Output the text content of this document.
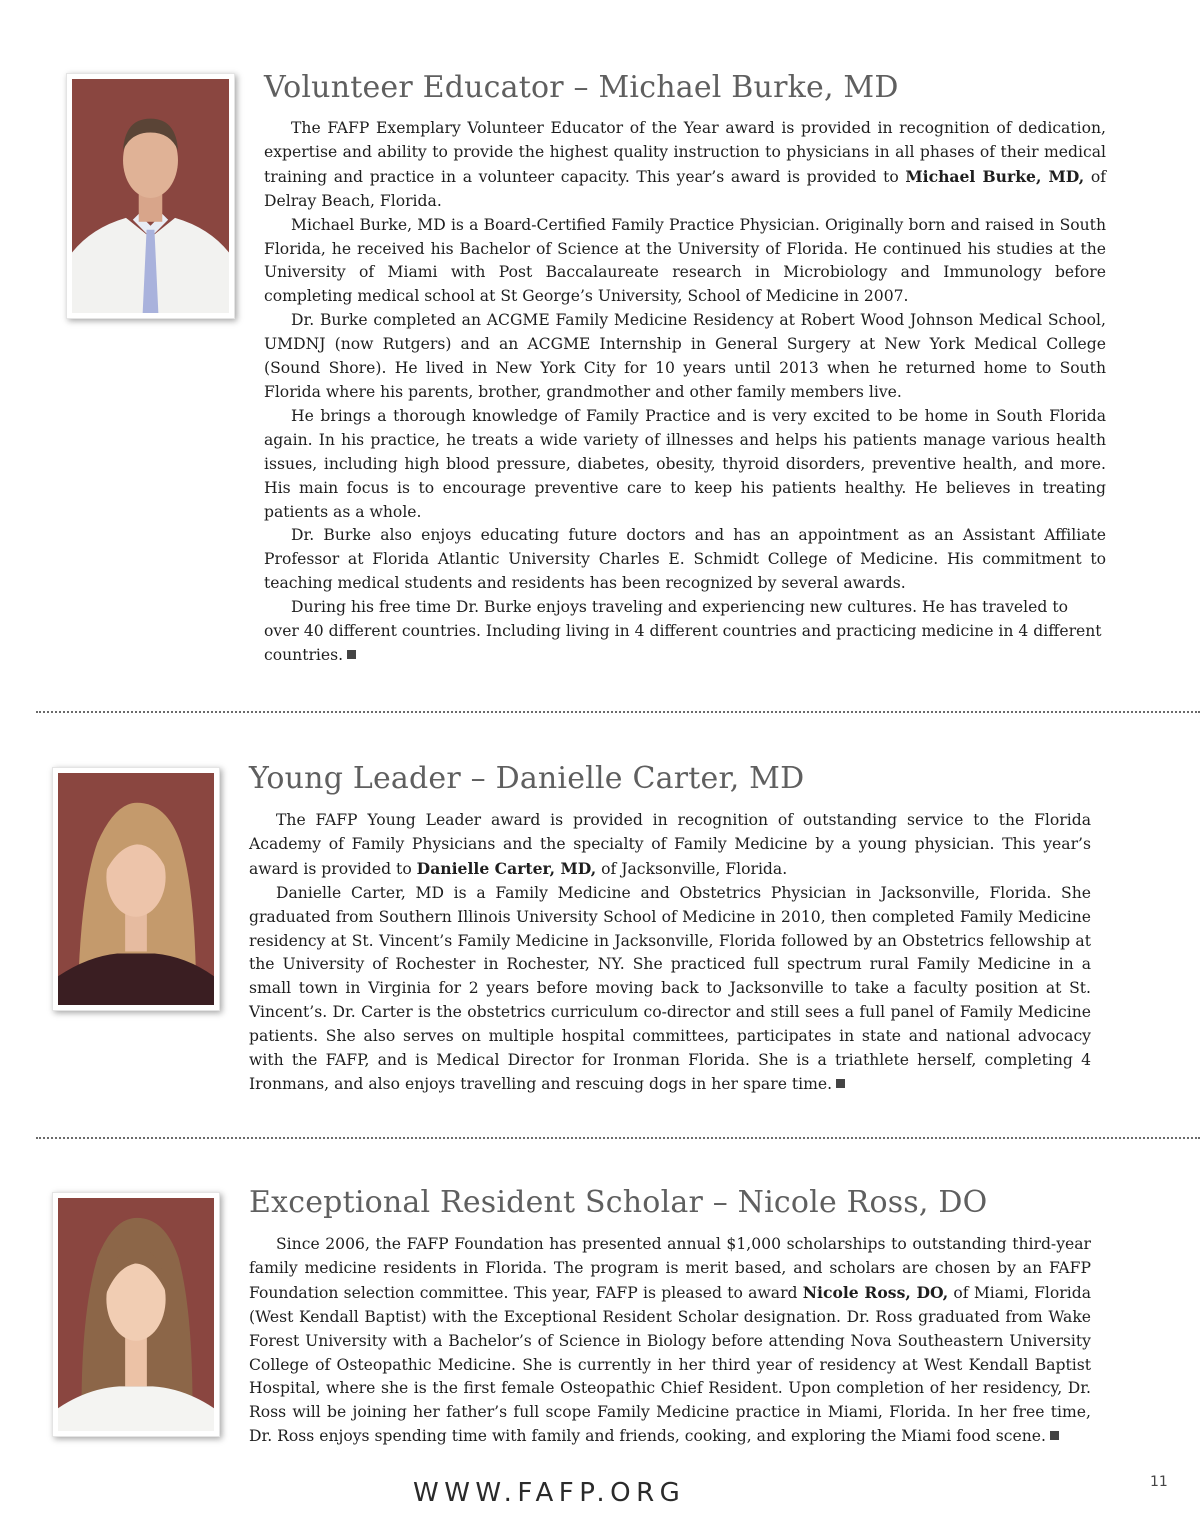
Volunteer Educator – Michael Burke, MD

The FAFP Exemplary Volunteer Educator of the Year award is provided in recognition of dedication, expertise and ability to provide the highest quality instruction to physicians in all phases of their medical training and practice in a volunteer capacity. This year’s award is provided to Michael Burke, MD, of Delray Beach, Florida.

Michael Burke, MD is a Board-Certified Family Practice Physician. Originally born and raised in South Florida, he received his Bachelor of Science at the University of Florida. He continued his studies at the University of Miami with Post Baccalaureate research in Microbiology and Immunology before completing medical school at St George’s University, School of Medicine in 2007.

Dr. Burke completed an ACGME Family Medicine Residency at Robert Wood Johnson Medical School, UMDNJ (now Rutgers) and an ACGME Internship in General Surgery at New York Medical College (Sound Shore). He lived in New York City for 10 years until 2013 when he returned home to South Florida where his parents, brother, grandmother and other family members live.

He brings a thorough knowledge of Family Practice and is very excited to be home in South Florida again. In his practice, he treats a wide variety of illnesses and helps his patients manage various health issues, including high blood pressure, diabetes, obesity, thyroid disorders, preventive health, and more. His main focus is to encourage preventive care to keep his patients healthy. He believes in treating patients as a whole.

Dr. Burke also enjoys educating future doctors and has an appointment as an Assistant Affiliate Professor at Florida Atlantic University Charles E. Schmidt College of Medicine. His commitment to teaching medical students and residents has been recognized by several awards.

During his free time Dr. Burke enjoys traveling and experiencing new cultures. He has traveled to over 40 different countries. Including living in 4 different countries and practicing medicine in 4 different countries.

Young Leader – Danielle Carter, MD

The FAFP Young Leader award is provided in recognition of outstanding service to the Florida Academy of Family Physicians and the specialty of Family Medicine by a young physician. This year’s award is provided to Danielle Carter, MD, of Jacksonville, Florida.

Danielle Carter, MD is a Family Medicine and Obstetrics Physician in Jacksonville, Florida. She graduated from Southern Illinois University School of Medicine in 2010, then completed Family Medicine residency at St. Vincent’s Family Medicine in Jacksonville, Florida followed by an Obstetrics fellowship at the University of Rochester in Rochester, NY. She practiced full spectrum rural Family Medicine in a small town in Virginia for 2 years before moving back to Jacksonville to take a faculty position at St. Vincent’s. Dr. Carter is the obstetrics curriculum co-director and still sees a full panel of Family Medicine patients. She also serves on multiple hospital committees, participates in state and national advocacy with the FAFP, and is Medical Director for Ironman Florida. She is a triathlete herself, completing 4 Ironmans, and also enjoys travelling and rescuing dogs in her spare time.

Exceptional Resident Scholar – Nicole Ross, DO

Since 2006, the FAFP Foundation has presented annual $1,000 scholarships to outstanding third-year family medicine residents in Florida. The program is merit based, and scholars are chosen by an FAFP Foundation selection committee. This year, FAFP is pleased to award Nicole Ross, DO, of Miami, Florida (West Kendall Baptist) with the Exceptional Resident Scholar designation. Dr. Ross graduated from Wake Forest University with a Bachelor’s of Science in Biology before attending Nova Southeastern University College of Osteopathic Medicine. She is currently in her third year of residency at West Kendall Baptist Hospital, where she is the first female Osteopathic Chief Resident. Upon completion of her residency, Dr. Ross will be joining her father’s full scope Family Medicine practice in Miami, Florida. In her free time, Dr. Ross enjoys spending time with family and friends, cooking, and exploring the Miami food scene.

WWW.FAFP.ORG	11
